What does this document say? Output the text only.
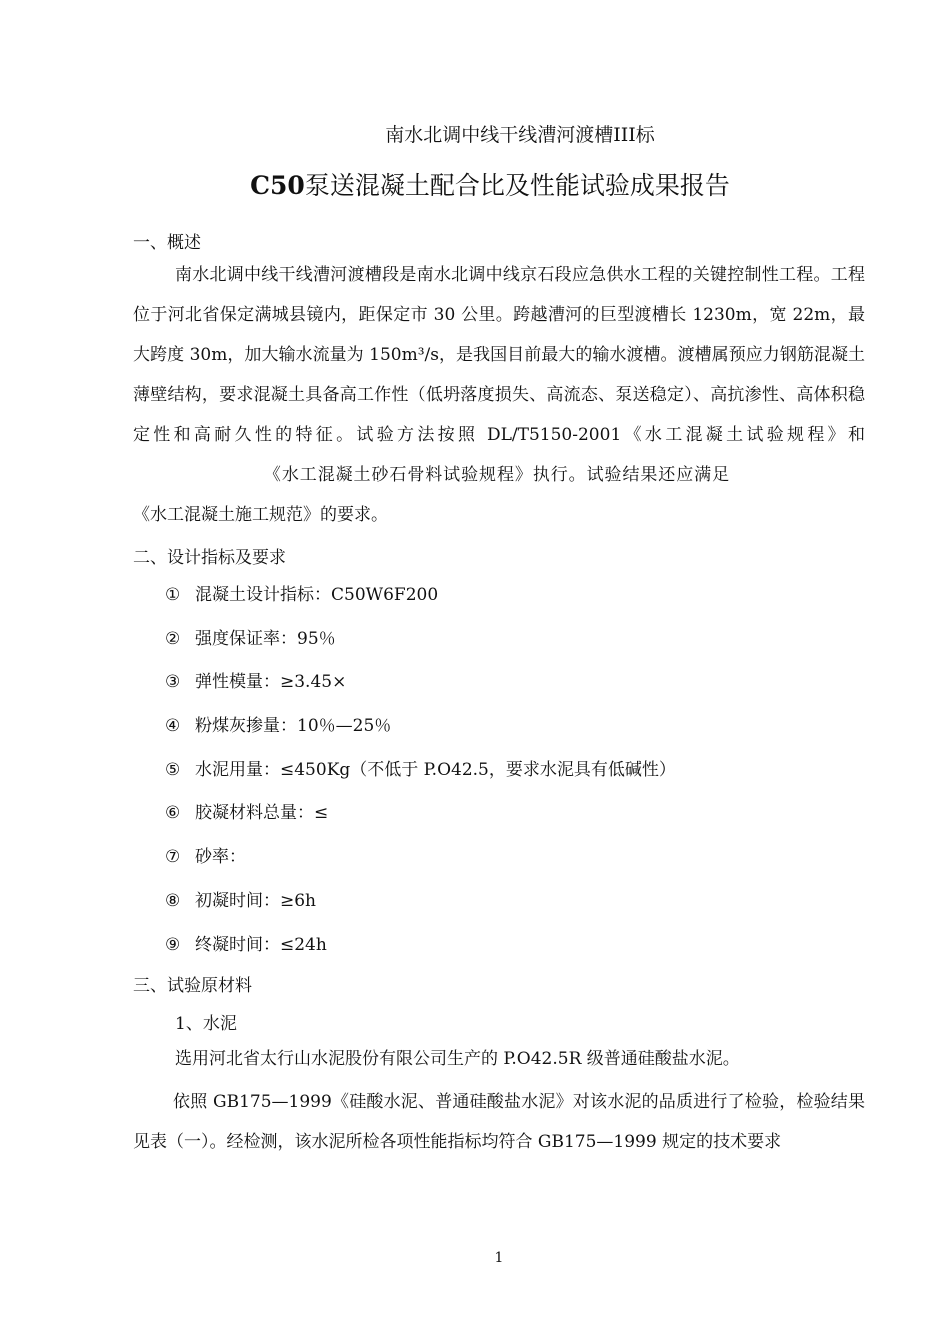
南水北调中线干线漕河渡槽III标
C50泵送混凝土配合比及性能试验成果报告
一、概述
南水北调中线干线漕河渡槽段是南水北调中线京石段应急供水工程的关键控制性工程。工程位于河北省保定满城县镜内，距保定市 30 公里。跨越漕河的巨型渡槽长 1230m，宽 22m，最大跨度 30m，加大输水流量为 150m³/s，是我国目前最大的输水渡槽。渡槽属预应力钢筋混凝土薄壁结构，要求混凝土具备高工作性（低坍落度损失、高流态、泵送稳定）、高抗渗性、高体积稳定性和高耐久性的特征。试验方法按照 DL/T5150-2001《水工混凝土试验规程》和《水工混凝土砂石骨料试验规程》执行。试验结果还应满足《水工混凝土施工规范》的要求。
二、设计指标及要求
① 混凝土设计指标：C50W6F200
② 强度保证率：95％
③ 弹性模量：≥3.45×
④ 粉煤灰掺量：10％—25％
⑤ 水泥用量：≤450Kg（不低于 P.O42.5，要求水泥具有低碱性）
⑥ 胶凝材料总量：≤
⑦ 砂率：
⑧ 初凝时间：≥6h
⑨ 终凝时间：≤24h
三、试验原材料
1、水泥
选用河北省太行山水泥股份有限公司生产的 P.O42.5R 级普通硅酸盐水泥。
依照 GB175—1999《硅酸水泥、普通硅酸盐水泥》对该水泥的品质进行了检验，检验结果见表（一）。经检测，该水泥所检各项性能指标均符合 GB175—1999 规定的技术要求
1
